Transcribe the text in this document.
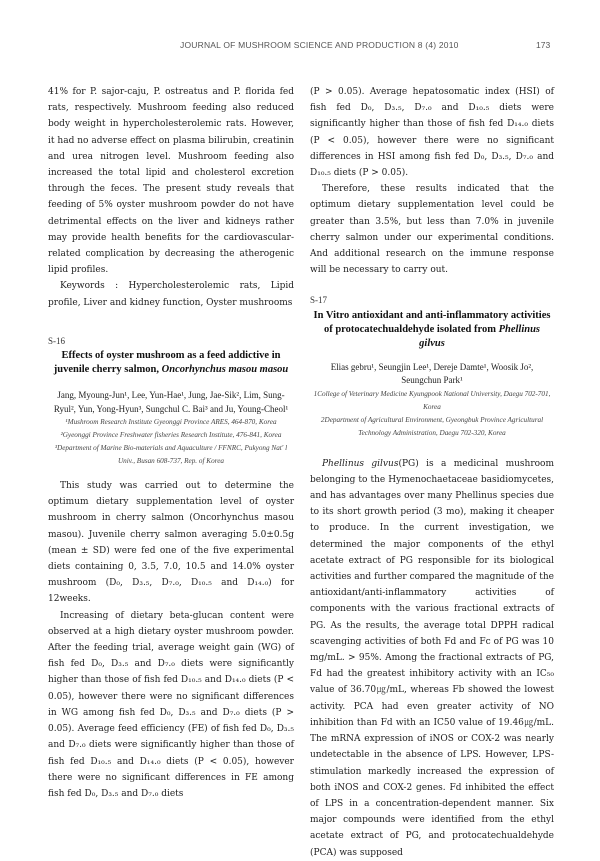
JOURNAL OF MUSHROOM SCIENCE AND PRODUCTION 8 (4) 2010	173

41% for P. sajor-caju, P. ostreatus and P. florida fed rats, respectively. Mushroom feeding also reduced body weight in hypercholesterolemic rats. However, it had no adverse effect on plasma bilirubin, creatinin and urea nitrogen level. Mushroom feeding also increased the total lipid and cholesterol excretion through the feces. The present study reveals that feeding of 5% oyster mushroom powder do not have detrimental effects on the liver and kidneys rather may provide health benefits for the cardiovascular-related complication by decreasing the atherogenic lipid profiles.

Keywords : Hypercholesterolemic rats, Lipid profile, Liver and kidney function, Oyster mushrooms

S-16

Effects of oyster mushroom as a feed addictive in juvenile cherry salmon, Oncorhynchus masou masou
Jang, Myoung-Jun¹, Lee, Yun-Hae¹, Jung, Jae-Sik², Lim, Sung-Ryul², Yun, Yong-Hyun³, Sungchul C. Bai³ and Ju, Young-Cheol¹
¹Mushroom Research Institute Gyeonggi Province ARES, 464-870, Korea
²Gyeonggi Province Freshwater fisheries Research Institute, 476-841, Korea
³Department of Marine Bio-materials and Aquaculture / FFNRC, Pukyong Nat' l Univ., Busan 608-737, Rep. of Korea

This study was carried out to determine the optimum dietary supplementation level of oyster mushroom in cherry salmon (Oncorhynchus masou masou). Juvenile cherry salmon averaging 5.0±0.5g (mean ± SD) were fed one of the five experimental diets containing 0, 3.5, 7.0, 10.5 and 14.0% oyster mushroom (D₀, D₃.₅, D₇.₀, D₁₀.₅ and D₁₄.₀) for 12weeks.

Increasing of dietary beta-glucan content were observed at a high dietary oyster mushroom powder. After the feeding trial, average weight gain (WG) of fish fed D₀, D₃.₅ and D₇.₀ diets were significantly higher than those of fish fed D₁₀.₅ and D₁₄.₀ diets (P < 0.05), however there were no significant differences in WG among fish fed D₀, D₃.₅ and D₇.₀ diets (P > 0.05). Average feed efficiency (FE) of fish fed D₀, D₃.₅ and D₇.₀ diets were significantly higher than those of fish fed D₁₀.₅ and D₁₄.₀ diets (P < 0.05), however there were no significant differences in FE among fish fed D₀, D₃.₅ and D₇.₀ diets

(P > 0.05). Average hepatosomatic index (HSI) of fish fed D₀, D₃.₅, D₇.₀ and D₁₀.₅ diets were significantly higher than those of fish fed D₁₄.₀ diets (P < 0.05), however there were no significant differences in HSI among fish fed D₀, D₃.₅, D₇.₀ and D₁₀.₅ diets (P > 0.05).

Therefore, these results indicated that the optimum dietary supplementation level could be greater than 3.5%, but less than 7.0% in juvenile cherry salmon under our experimental conditions. And additional research on the immune response will be necessary to carry out.

S-17

In Vitro antioxidant and anti-inflammatory activities of protocatechualdehyde isolated from Phellinus gilvus
Elias gebru¹, Seungjin Lee¹, Dereje Damte¹, Woosik Jo², Seungchun Park¹
1College of Veterinary Medicine Kyungpook National University, Daegu 702-701, Korea
2Department of Agricultural Environment, Gyeongbuk Province Agricultural Technology Administration, Daegu 702-320, Korea

Phellinus gilvus(PG) is a medicinal mushroom belonging to the Hymenochaetaceae basidiomycetes, and has advantages over many Phellinus species due to its short growth period (3 mo), making it cheaper to produce. In the current investigation, we determined the major components of the ethyl acetate extract of PG responsible for its biological activities and further compared the magnitude of the antioxidant/anti-inflammatory activities of components with the various fractional extracts of PG. As the results, the average total DPPH radical scavenging activities of both Fd and Fc of PG was 10 mg/mL. > 95%. Among the fractional extracts of PG, Fd had the greatest inhibitory activity with an IC₅₀ value of 36.70㎍/mL, whereas Fb showed the lowest activity. PCA had even greater activity of NO inhibition than Fd with an IC50 value of 19.46㎍/mL. The mRNA expression of iNOS or COX-2 was nearly undetectable in the absence of LPS. However, LPS-stimulation markedly increased the expression of both iNOS and COX-2 genes. Fd inhibited the effect of LPS in a concentration-dependent manner. Six major compounds were identified from the ethyl acetate extract of PG, and protocatechualdehyde (PCA) was supposed
